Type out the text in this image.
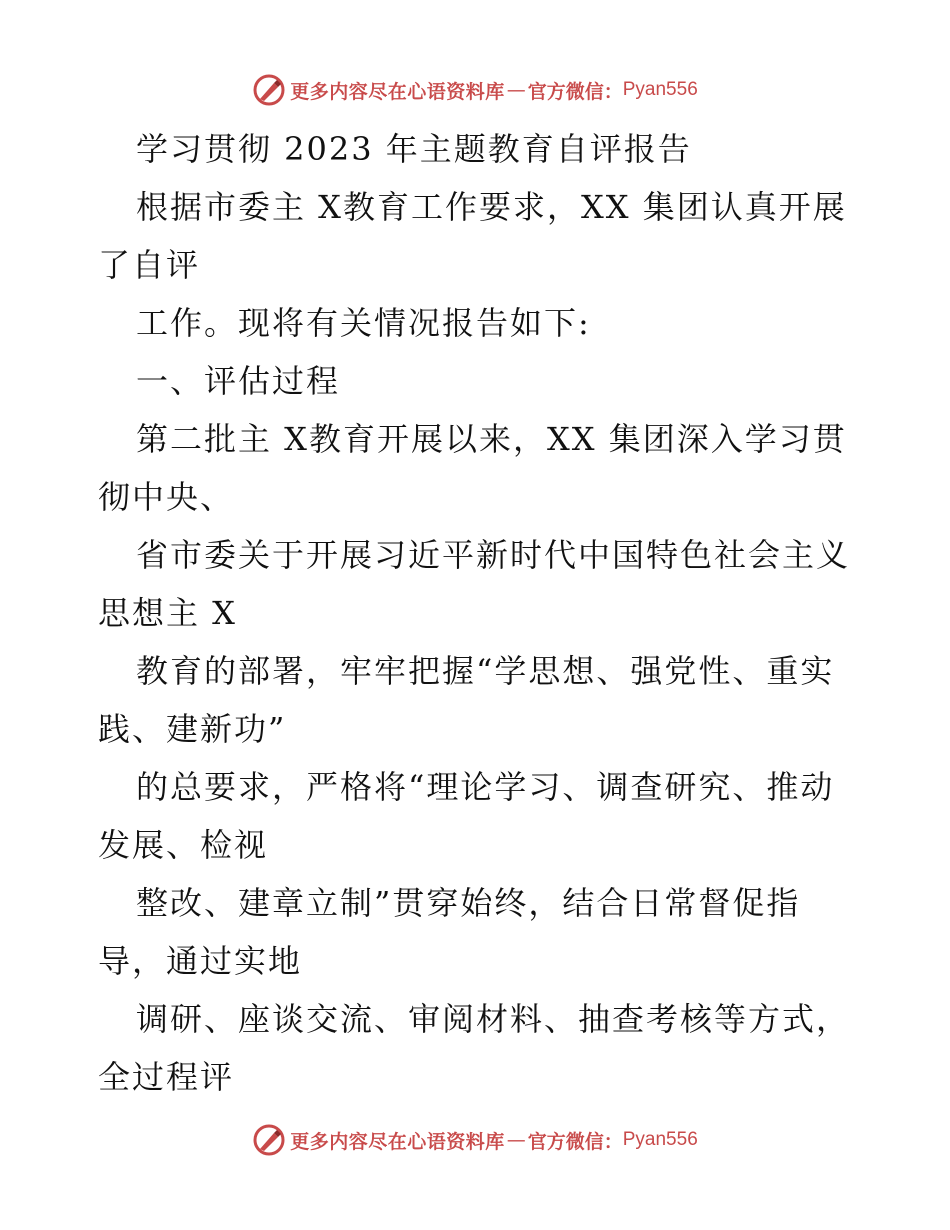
更多内容尽在心语资料库 — 官方微信： Pyan556
学习贯彻 2023 年主题教育自评报告
根据市委主 X教育工作要求，XX 集团认真开展
了自评
工作。现将有关情况报告如下:
一、评估过程
第二批主 X教育开展以来，XX 集团深入学习贯
彻中央、
省市委关于开展习近平新时代中国特色社会主义
思想主 X
教育的部署，牢牢把握“学思想、强党性、重实
践、建新功”
的总要求，严格将“理论学习、调查研究、推动
发展、检视
整改、建章立制”贯穿始终，结合日常督促指
导，通过实地
调研、座谈交流、审阅材料、抽查考核等方式，
全过程评
更多内容尽在心语资料库 — 官方微信： Pyan556
